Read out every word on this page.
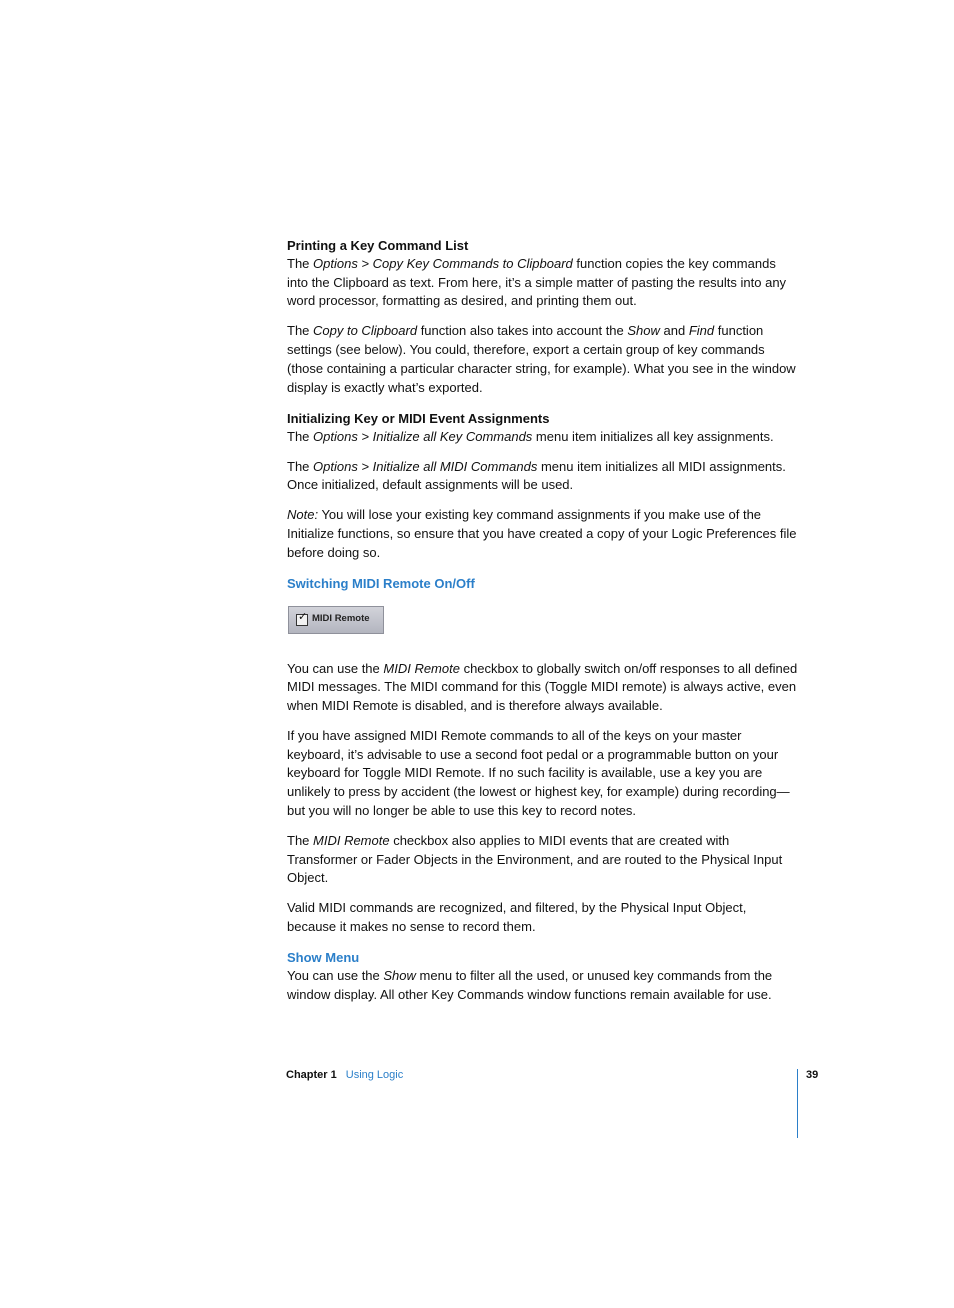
Printing a Key Command List

The Options > Copy Key Commands to Clipboard function copies the key commands into the Clipboard as text. From here, it’s a simple matter of pasting the results into any word processor, formatting as desired, and printing them out.

The Copy to Clipboard function also takes into account the Show and Find function settings (see below). You could, therefore, export a certain group of key commands (those containing a particular character string, for example). What you see in the window display is exactly what’s exported.

Initializing Key or MIDI Event Assignments

The Options > Initialize all Key Commands menu item initializes all key assignments.

The Options > Initialize all MIDI Commands menu item initializes all MIDI assignments. Once initialized, default assignments will be used.

Note: You will lose your existing key command assignments if you make use of the Initialize functions, so ensure that you have created a copy of your Logic Preferences file before doing so.

Switching MIDI Remote On/Off
✓ MIDI Remote

You can use the MIDI Remote checkbox to globally switch on/off responses to all defined MIDI messages. The MIDI command for this (Toggle MIDI remote) is always active, even when MIDI Remote is disabled, and is therefore always available.

If you have assigned MIDI Remote commands to all of the keys on your master keyboard, it’s advisable to use a second foot pedal or a programmable button on your keyboard for Toggle MIDI Remote. If no such facility is available, use a key you are unlikely to press by accident (the lowest or highest key, for example) during recording—but you will no longer be able to use this key to record notes.

The MIDI Remote checkbox also applies to MIDI events that are created with Transformer or Fader Objects in the Environment, and are routed to the Physical Input Object.

Valid MIDI commands are recognized, and filtered, by the Physical Input Object, because it makes no sense to record them.

Show Menu

You can use the Show menu to filter all the used, or unused key commands from the window display. All other Key Commands window functions remain available for use.

Chapter 1 Using Logic	39
